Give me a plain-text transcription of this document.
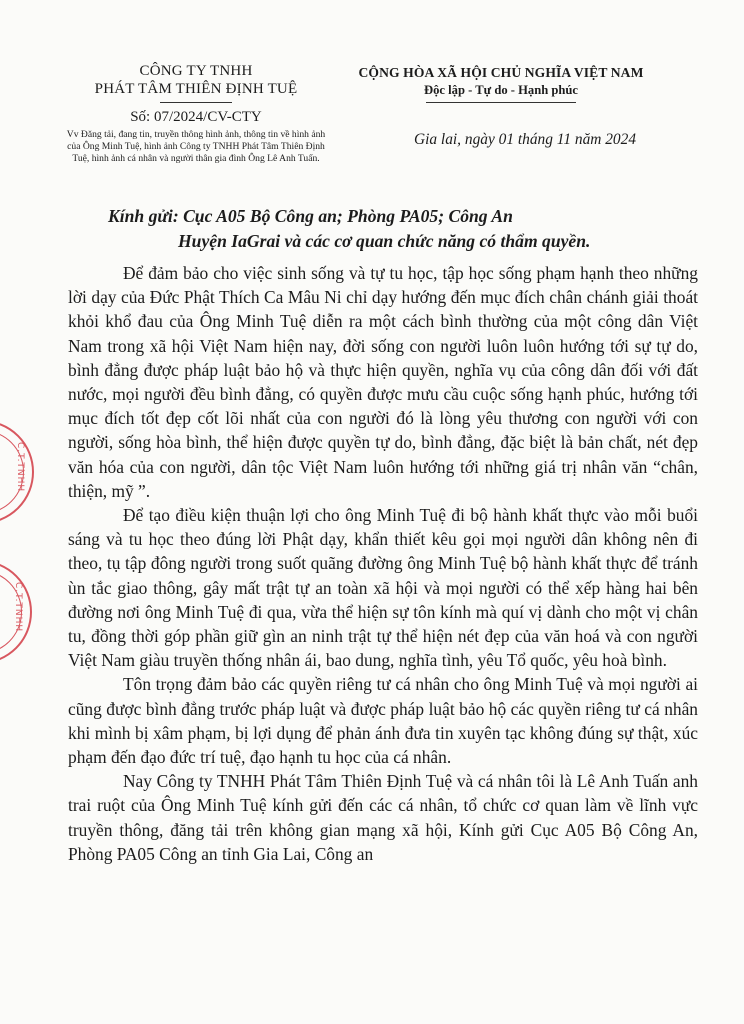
CÔNG TY TNHH
PHÁT TÂM THIÊN ĐỊNH TUỆ
Số: 07/2024/CV-CTY
Vv Đăng tải, đang tin, truyền thông hình ảnh, thông tin về hình ảnh của Ông Minh Tuệ, hình ảnh Công ty TNHH Phát Tâm Thiên Định Tuệ, hình ảnh cá nhân và người thân gia đình Ông Lê Anh Tuấn.
CỘNG HÒA XÃ HỘI CHỦ NGHĨA VIỆT NAM
Độc lập - Tự do - Hạnh phúc
Gia lai, ngày 01 tháng 11 năm 2024
Kính gửi: Cục A05 Bộ Công an; Phòng PA05; Công An
Huyện IaGrai và các cơ quan chức năng có thẩm quyền.

Để đảm bảo cho việc sinh sống và tự tu học, tập học sống phạm hạnh theo những lời dạy của Đức Phật Thích Ca Mâu Ni chỉ dạy hướng đến mục đích chân chánh giải thoát khỏi khổ đau của Ông Minh Tuệ diễn ra một cách bình thường của một công dân Việt Nam trong xã hội Việt Nam hiện nay, đời sống con người luôn luôn hướng tới sự tự do, bình đẳng được pháp luật bảo hộ và thực hiện quyền, nghĩa vụ của công dân đối với đất nước, mọi người đều bình đẳng, có quyền được mưu cầu cuộc sống hạnh phúc, hướng tới mục đích tốt đẹp cốt lõi nhất của con người đó là lòng yêu thương con người với con người, sống hòa bình, thể hiện được quyền tự do, bình đẳng, đặc biệt là bản chất, nét đẹp văn hóa của con người, dân tộc Việt Nam luôn hướng tới những giá trị nhân văn “chân, thiện, mỹ ”.

Để tạo điều kiện thuận lợi cho ông Minh Tuệ đi bộ hành khất thực vào mỗi buổi sáng và tu học theo đúng lời Phật dạy, khẩn thiết kêu gọi mọi người dân không nên đi theo, tụ tập đông người trong suốt quãng đường ông Minh Tuệ bộ hành khất thực để tránh ùn tắc giao thông, gây mất trật tự an toàn xã hội và mọi người có thể xếp hàng hai bên đường nơi ông Minh Tuệ đi qua, vừa thể hiện sự tôn kính mà quí vị dành cho một vị chân tu, đồng thời góp phần giữ gìn an ninh trật tự thể hiện nét đẹp của văn hoá và con người Việt Nam giàu truyền thống nhân ái, bao dung, nghĩa tình, yêu Tổ quốc, yêu hoà bình.

Tôn trọng đảm bảo các quyền riêng tư cá nhân cho ông Minh Tuệ và mọi người ai cũng được bình đẳng trước pháp luật và được pháp luật bảo hộ các quyền riêng tư cá nhân khi mình bị xâm phạm, bị lợi dụng để phản ánh đưa tin xuyên tạc không đúng sự thật, xúc phạm đến đạo đức trí tuệ, đạo hạnh tu học của cá nhân.

Nay Công ty TNHH Phát Tâm Thiên Định Tuệ và cá nhân tôi là Lê Anh Tuấn anh trai ruột của Ông Minh Tuệ kính gửi đến các cá nhân, tổ chức cơ quan làm về lĩnh vực truyền thông, đăng tải trên không gian mạng xã hội, Kính gửi Cục A05 Bộ Công An, Phòng PA05 Công an tỉnh Gia Lai, Công an

C.T.TNHH
C.T.TNHH
